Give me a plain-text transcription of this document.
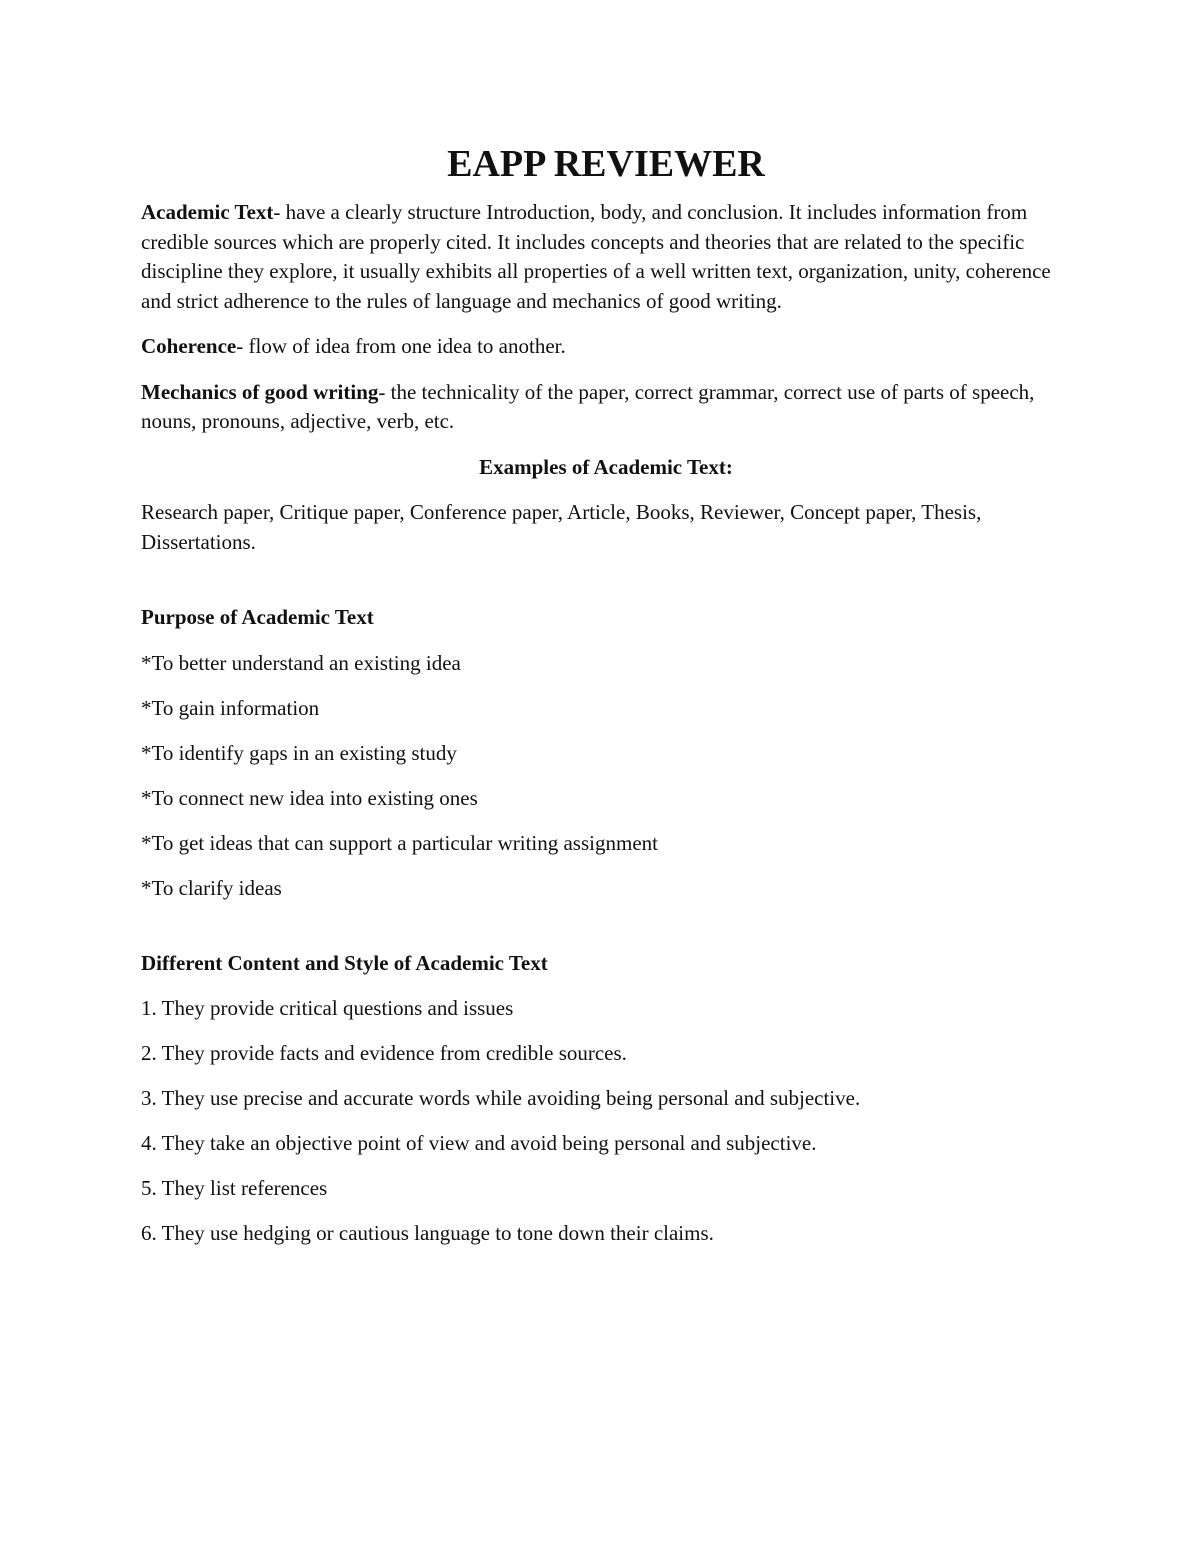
EAPP REVIEWER

Academic Text- have a clearly structure Introduction, body, and conclusion. It includes information from credible sources which are properly cited. It includes concepts and theories that are related to the specific discipline they explore, it usually exhibits all properties of a well written text, organization, unity, coherence and strict adherence to the rules of language and mechanics of good writing.

Coherence- flow of idea from one idea to another.

Mechanics of good writing- the technicality of the paper, correct grammar, correct use of parts of speech, nouns, pronouns, adjective, verb, etc.

Examples of Academic Text:

Research paper, Critique paper, Conference paper, Article, Books, Reviewer, Concept paper, Thesis, Dissertations.

Purpose of Academic Text

*To better understand an existing idea

*To gain information

*To identify gaps in an existing study

*To connect new idea into existing ones

*To get ideas that can support a particular writing assignment

*To clarify ideas

Different Content and Style of Academic Text

1. They provide critical questions and issues

2. They provide facts and evidence from credible sources.

3. They use precise and accurate words while avoiding being personal and subjective.

4. They take an objective point of view and avoid being personal and subjective.

5. They list references

6. They use hedging or cautious language to tone down their claims.
